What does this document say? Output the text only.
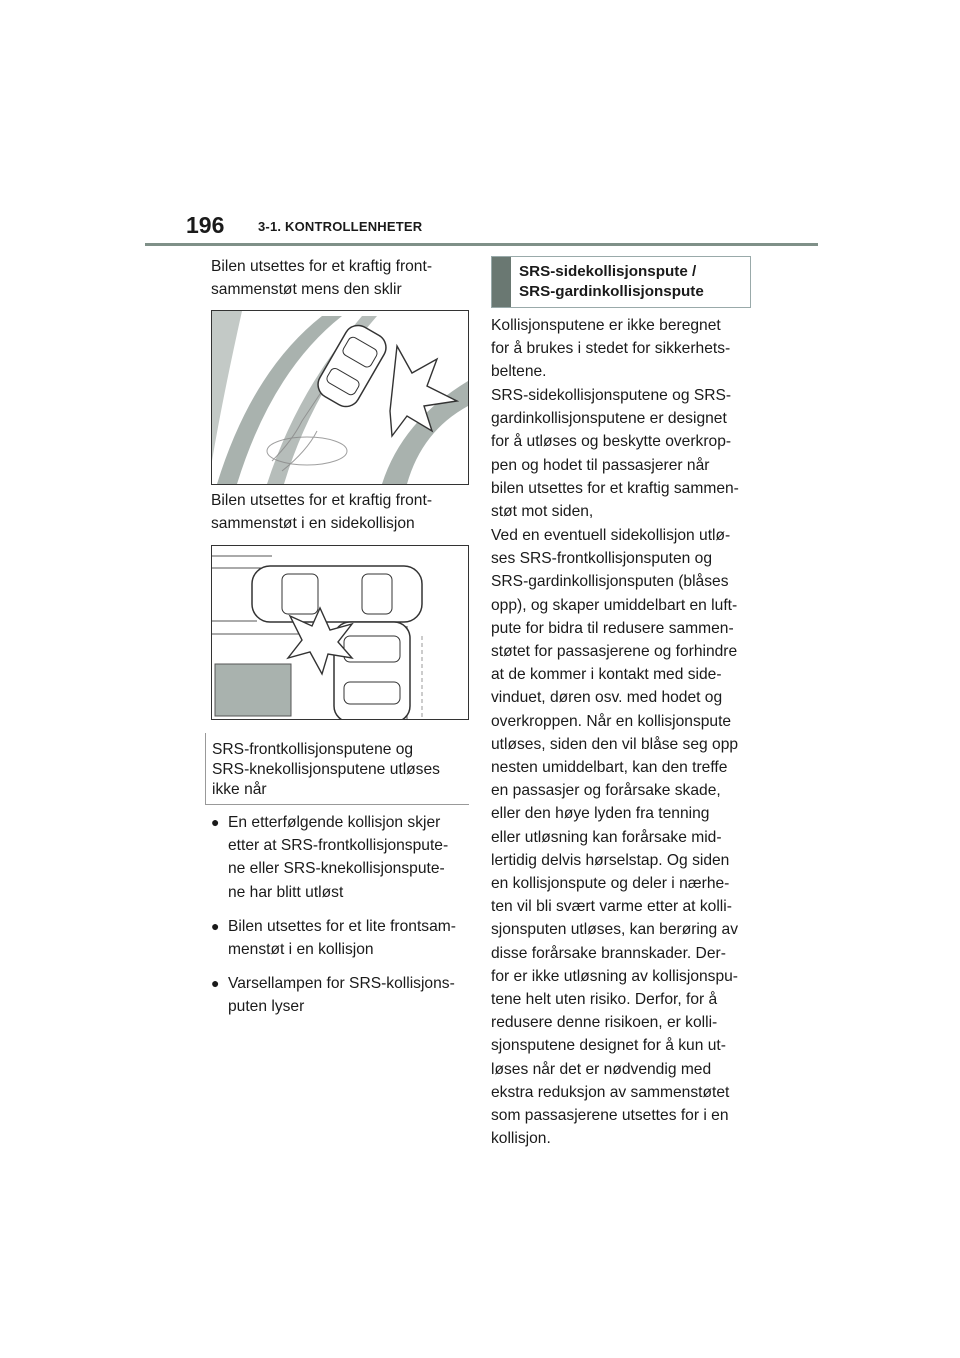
196	3-1. KONTROLLENHETER

Bilen utsettes for et kraftig front-

sammenstøt mens den sklir

Bilen utsettes for et kraftig front-

sammenstøt i en sidekollisjon

SRS-frontkollisjonsputene og
SRS-knekollisjonsputene utløses
ikke når

● En etterfølgende kollisjon skjer
etter at SRS-frontkollisjonspute-
ne eller SRS-knekollisjonspute-
ne har blitt utløst
● Bilen utsettes for et lite frontsam-
menstøt i en kollisjon
● Varsellampen for SRS-kollisjons-
puten lyser
SRS-sidekollisjonspute /
SRS-gardinkollisjonspute

Kollisjonsputene er ikke beregnet

for å brukes i stedet for sikkerhets-

beltene.

SRS-sidekollisjonsputene og SRS-

gardinkollisjonsputene er designet

for å utløses og beskytte overkrop-

pen og hodet til passasjerer når

bilen utsettes for et kraftig sammen-

støt mot siden,

Ved en eventuell sidekollisjon utlø-

ses SRS-frontkollisjonsputen og

SRS-gardinkollisjonsputen (blåses

opp), og skaper umiddelbart en luft-

pute for bidra til redusere sammen-

støtet for passasjerene og forhindre

at de kommer i kontakt med side-

vinduet, døren osv. med hodet og

overkroppen. Når en kollisjonspute

utløses, siden den vil blåse seg opp

nesten umiddelbart, kan den treffe

en passasjer og forårsake skade,

eller den høye lyden fra tenning

eller utløsning kan forårsake mid-

lertidig delvis hørselstap. Og siden

en kollisjonspute og deler i nærhe-

ten vil bli svært varme etter at kolli-

sjonsputen utløses, kan berøring av

disse forårsake brannskader. Der-

for er ikke utløsning av kollisjonspu-

tene helt uten risiko. Derfor, for å

redusere denne risikoen, er kolli-

sjonsputene designet for å kun ut-

løses når det er nødvendig med

ekstra reduksjon av sammenstøtet

som passasjerene utsettes for i en

kollisjon.
